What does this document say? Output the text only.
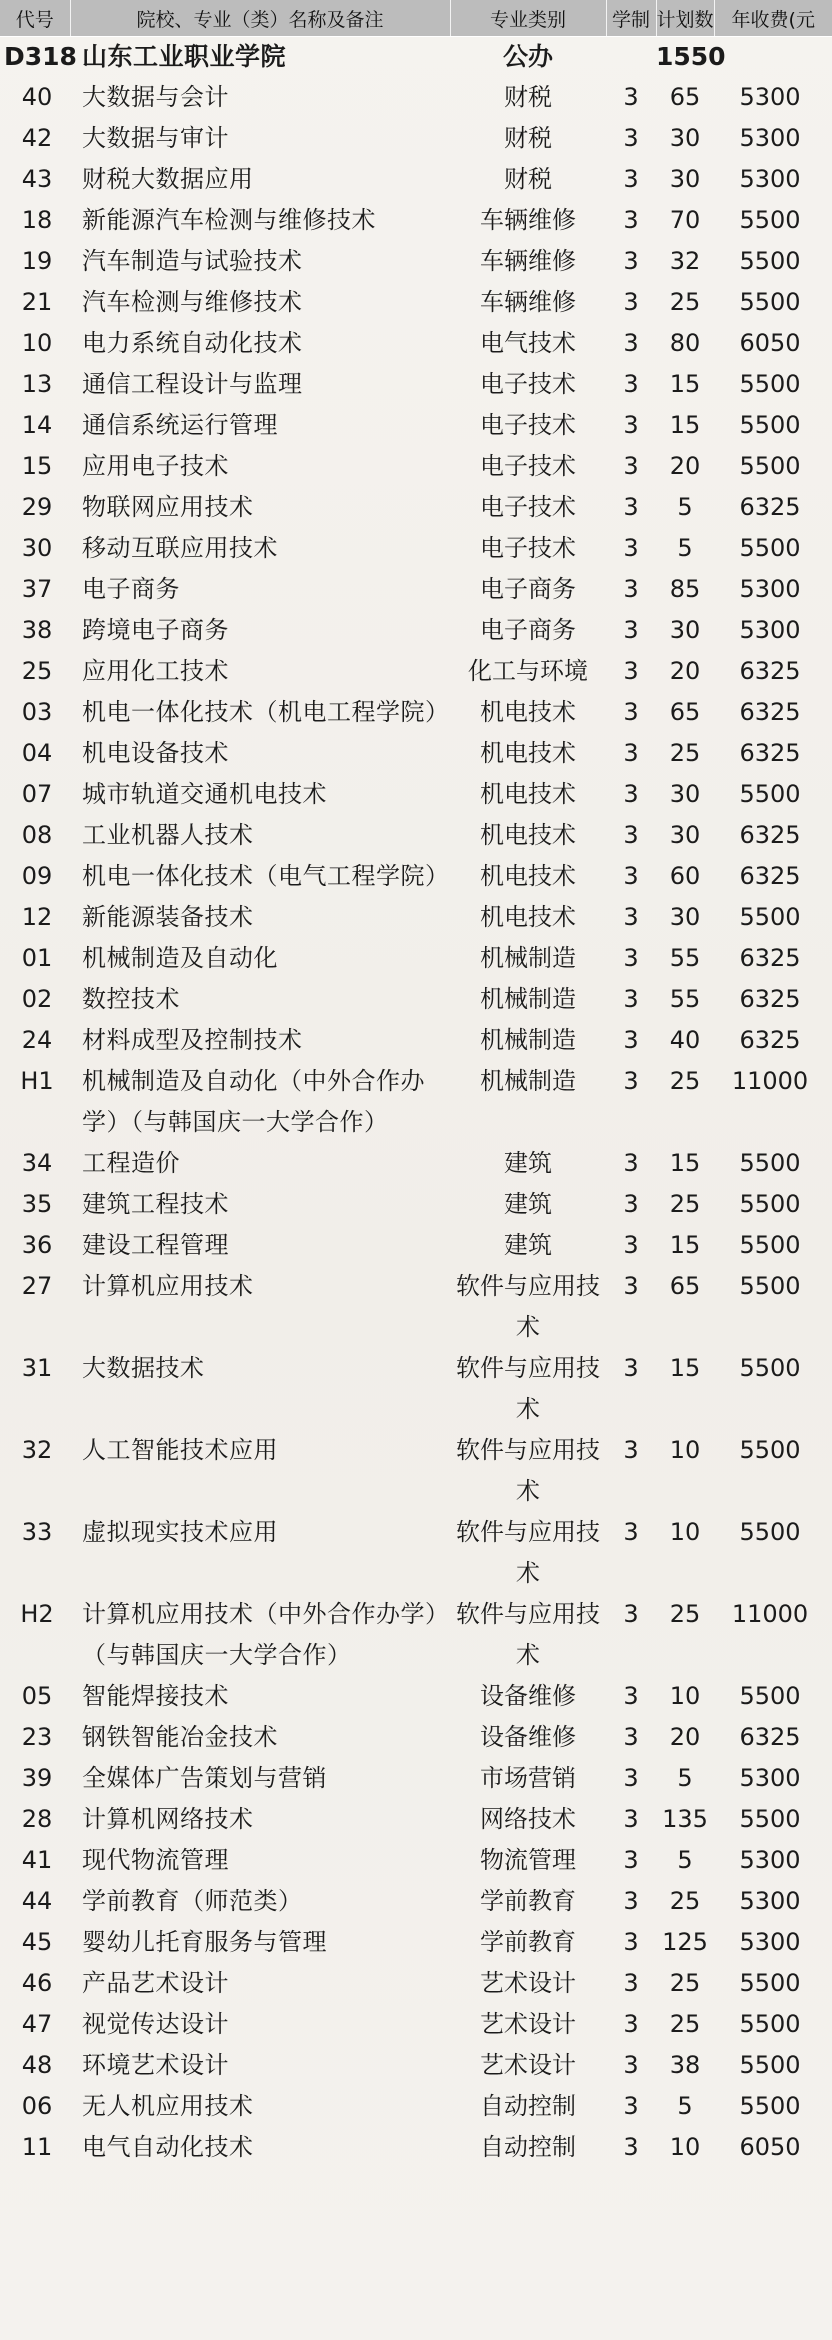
代号	院校、专业（类）名称及备注	专业类别	学制	计划数	年收费(元
D318	山东工业职业学院	公办		1550	
40	大数据与会计	财税	3	65	5300
42	大数据与审计	财税	3	30	5300
43	财税大数据应用	财税	3	30	5300
18	新能源汽车检测与维修技术	车辆维修	3	70	5500
19	汽车制造与试验技术	车辆维修	3	32	5500
21	汽车检测与维修技术	车辆维修	3	25	5500
10	电力系统自动化技术	电气技术	3	80	6050
13	通信工程设计与监理	电子技术	3	15	5500
14	通信系统运行管理	电子技术	3	15	5500
15	应用电子技术	电子技术	3	20	5500
29	物联网应用技术	电子技术	3	5	6325
30	移动互联应用技术	电子技术	3	5	5500
37	电子商务	电子商务	3	85	5300
38	跨境电子商务	电子商务	3	30	5300
25	应用化工技术	化工与环境	3	20	6325
03	机电一体化技术（机电工程学院）	机电技术	3	65	6325
04	机电设备技术	机电技术	3	25	6325
07	城市轨道交通机电技术	机电技术	3	30	5500
08	工业机器人技术	机电技术	3	30	6325
09	机电一体化技术（电气工程学院）	机电技术	3	60	6325
12	新能源装备技术	机电技术	3	30	5500
01	机械制造及自动化	机械制造	3	55	6325
02	数控技术	机械制造	3	55	6325
24	材料成型及控制技术	机械制造	3	40	6325
H1	机械制造及自动化（中外合作办学）（与韩国庆一大学合作）	机械制造	3	25	11000
34	工程造价	建筑	3	15	5500
35	建筑工程技术	建筑	3	25	5500
36	建设工程管理	建筑	3	15	5500
27	计算机应用技术	软件与应用技术	3	65	5500
31	大数据技术	软件与应用技术	3	15	5500
32	人工智能技术应用	软件与应用技术	3	10	5500
33	虚拟现实技术应用	软件与应用技术	3	10	5500
H2	计算机应用技术（中外合作办学）（与韩国庆一大学合作）	软件与应用技术	3	25	11000
05	智能焊接技术	设备维修	3	10	5500
23	钢铁智能冶金技术	设备维修	3	20	6325
39	全媒体广告策划与营销	市场营销	3	5	5300
28	计算机网络技术	网络技术	3	135	5500
41	现代物流管理	物流管理	3	5	5300
44	学前教育（师范类）	学前教育	3	25	5300
45	婴幼儿托育服务与管理	学前教育	3	125	5300
46	产品艺术设计	艺术设计	3	25	5500
47	视觉传达设计	艺术设计	3	25	5500
48	环境艺术设计	艺术设计	3	38	5500
06	无人机应用技术	自动控制	3	5	5500
11	电气自动化技术	自动控制	3	10	6050
